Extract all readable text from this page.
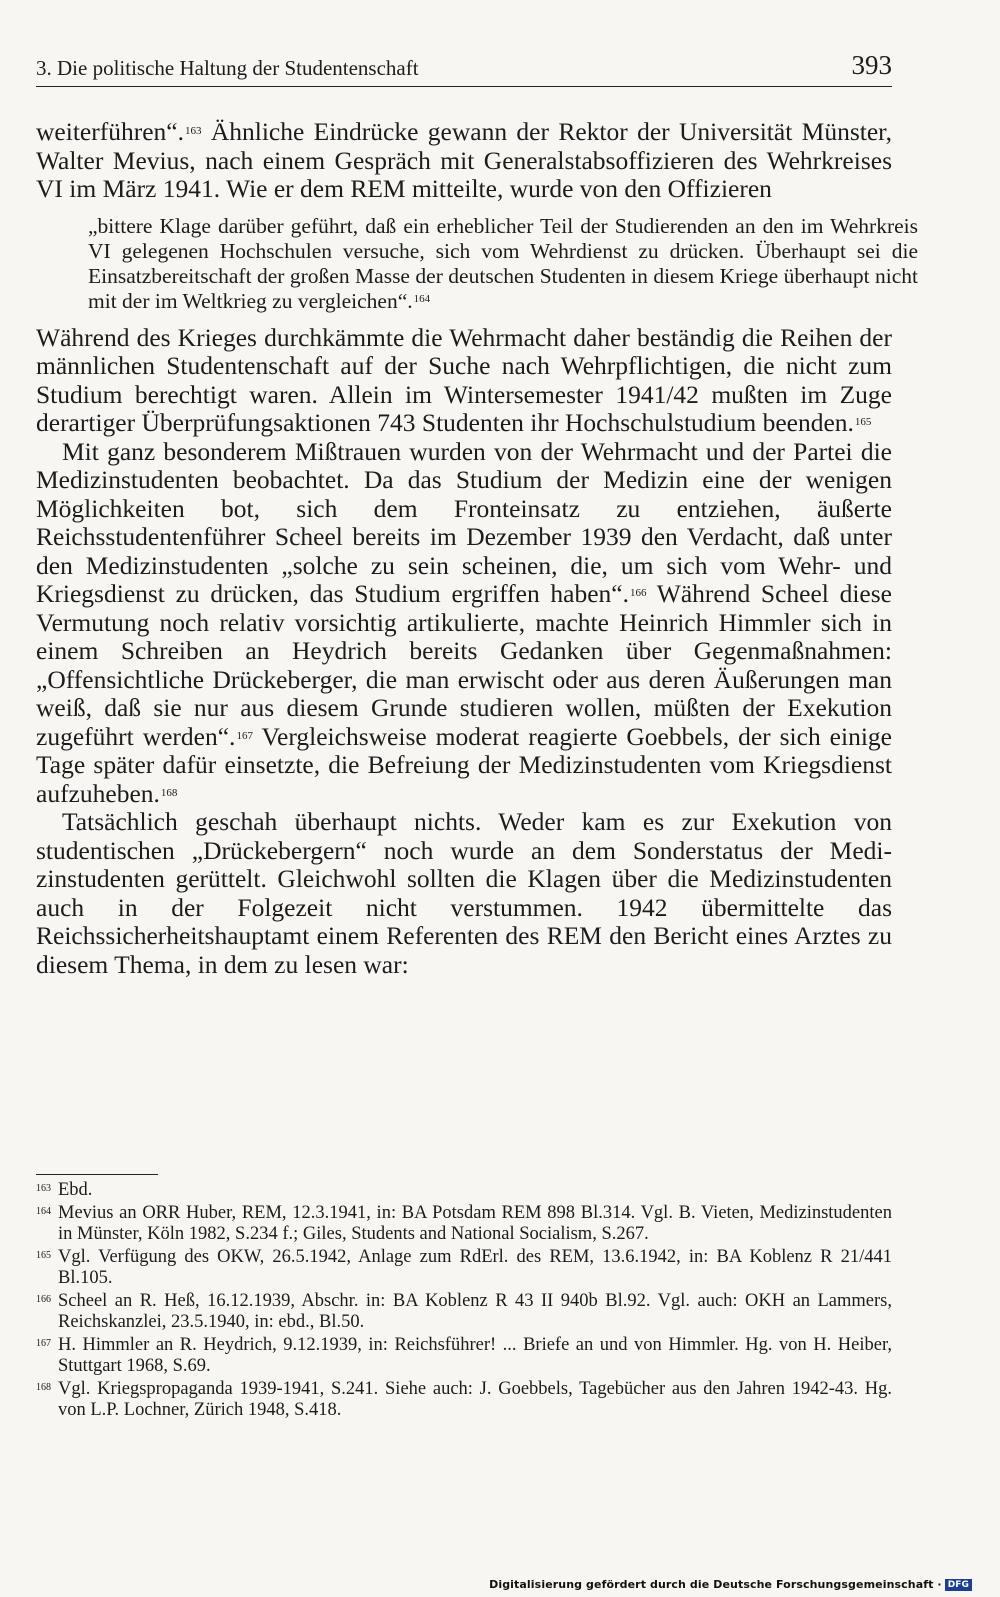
3. Die politische Haltung der Studentenschaft	393

weiterführen“.$^{163}$ Ähnliche Eindrücke gewann der Rektor der Universität Münster, Walter Mevius, nach einem Gespräch mit Generalstabsoffizieren des Wehrkreises VI im März 1941. Wie er dem REM mitteilte, wurde von den Offizieren

„bittere Klage darüber geführt, daß ein erheblicher Teil der Studierenden an den im Wehrkreis VI gelegenen Hochschulen versuche, sich vom Wehrdienst zu drücken. Überhaupt sei die Einsatzbereitschaft der großen Masse der deutschen Studenten in diesem Kriege überhaupt nicht mit der im Weltkrieg zu vergleichen“.$^{164}$

Während des Krieges durchkämmte die Wehrmacht daher beständig die Reihen der männlichen Studentenschaft auf der Suche nach Wehrpflichtigen, die nicht zum Studium berechtigt waren. Allein im Wintersemester 1941/42 mußten im Zuge derartiger Überprüfungsaktionen 743 Studenten ihr Hochschulstudium beenden.$^{165}$

Mit ganz besonderem Mißtrauen wurden von der Wehrmacht und der Partei die Medizinstudenten beobachtet. Da das Studium der Medizin eine der wenigen Möglichkeiten bot, sich dem Fronteinsatz zu entziehen, äußerte Reichsstudentenführer Scheel bereits im Dezember 1939 den Verdacht, daß unter den Medizinstudenten „solche zu sein scheinen, die, um sich vom Wehr- und Kriegsdienst zu drücken, das Studium ergriffen haben“.$^{166}$ Während Scheel diese Vermutung noch relativ vorsichtig artikulierte, machte Heinrich Himmler sich in einem Schreiben an Heydrich bereits Gedanken über Gegenmaßnahmen: „Offensichtliche Drückeberger, die man erwischt oder aus deren Äußerungen man weiß, daß sie nur aus diesem Grunde studieren wollen, müßten der Exekution zugeführt werden“.$^{167}$ Vergleichsweise moderat reagierte Goebbels, der sich einige Tage später dafür einsetzte, die Befreiung der Medizinstudenten vom Kriegsdienst aufzuheben.$^{168}$

Tatsächlich geschah überhaupt nichts. Weder kam es zur Exekution von studentischen „Drückebergern“ noch wurde an dem Sonderstatus der Medizinstudenten gerüttelt. Gleichwohl sollten die Klagen über die Medizinstudenten auch in der Folgezeit nicht verstummen. 1942 übermittelte das Reichssicherheitshauptamt einem Referenten des REM den Bericht eines Arztes zu diesem Thema, in dem zu lesen war:

163 Ebd.
164 Mevius an ORR Huber, REM, 12.3.1941, in: BA Potsdam REM 898 Bl.314. Vgl. B. Vieten, Medizinstudenten in Münster, Köln 1982, S.234 f.; Giles, Students and National Socialism, S.267.
165 Vgl. Verfügung des OKW, 26.5.1942, Anlage zum RdErl. des REM, 13.6.1942, in: BA Koblenz R 21/441 Bl.105.
166 Scheel an R. Heß, 16.12.1939, Abschr. in: BA Koblenz R 43 II 940b Bl.92. Vgl. auch: OKH an Lammers, Reichskanzlei, 23.5.1940, in: ebd., Bl.50.
167 H. Himmler an R. Heydrich, 9.12.1939, in: Reichsführer! ... Briefe an und von Himmler. Hg. von H. Heiber, Stuttgart 1968, S.69.
168 Vgl. Kriegspropaganda 1939-1941, S.241. Siehe auch: J. Goebbels, Tagebücher aus den Jahren 1942-43. Hg. von L.P. Lochner, Zürich 1948, S.418.
Digitalisierung gefördert durch die Deutsche Forschungsgemeinschaft · DFG
